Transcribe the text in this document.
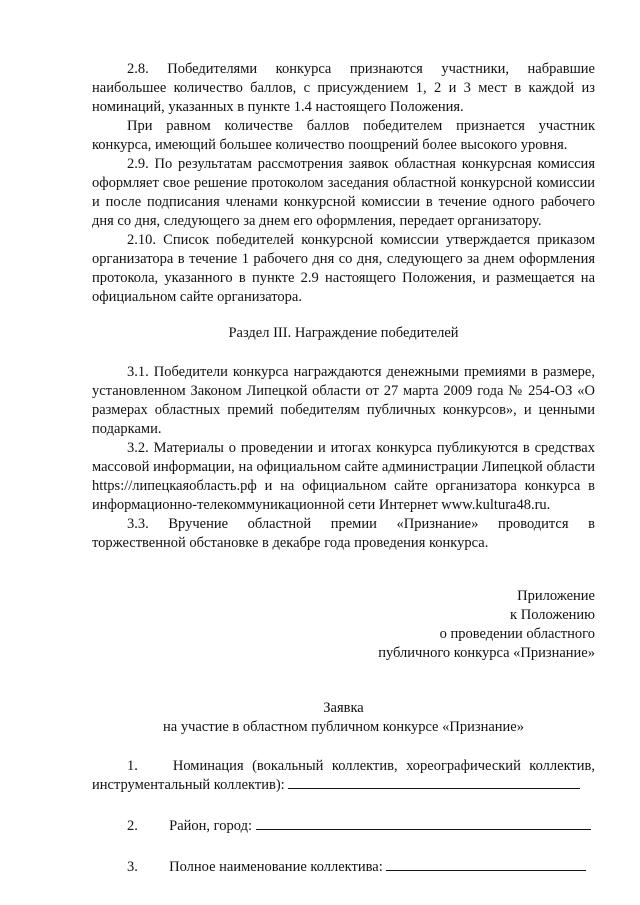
2.8. Победителями конкурса признаются участники, набравшие наибольшее количество баллов, с присуждением 1, 2 и 3 мест в каждой из номинаций, указанных в пункте 1.4 настоящего Положения.

При равном количестве баллов победителем признается участник конкурса, имеющий большее количество поощрений более высокого уровня.

2.9. По результатам рассмотрения заявок областная конкурсная комиссия оформляет свое решение протоколом заседания областной конкурсной комиссии и после подписания членами конкурсной комиссии в течение одного рабочего дня со дня, следующего за днем его оформления, передает организатору.

2.10. Список победителей конкурсной комиссии утверждается приказом организатора в течение 1 рабочего дня со дня, следующего за днем оформления протокола, указанного в пункте 2.9 настоящего Положения, и размещается на официальном сайте организатора.

Раздел III. Награждение победителей

3.1. Победители конкурса награждаются денежными премиями в размере, установленном Законом Липецкой области от 27 марта 2009 года № 254-ОЗ «О размерах областных премий победителям публичных конкурсов», и ценными подарками.

3.2. Материалы о проведении и итогах конкурса публикуются в средствах массовой информации, на официальном сайте администрации Липецкой области https://липецкаяобласть.рф и на официальном сайте организатора конкурса в информационно-телекоммуникационной сети Интернет www.kultura48.ru.

3.3. Вручение областной премии «Признание» проводится в торжественной обстановке в декабре года проведения конкурса.

Приложение
к Положению
о проведении областного
публичного конкурса «Признание»
Заявка
на участие в областном публичном конкурсе «Признание»
1. Номинация (вокальный коллектив, хореографический коллектив, инструментальный коллектив):
2. Район, город:
3. Полное наименование коллектива:
